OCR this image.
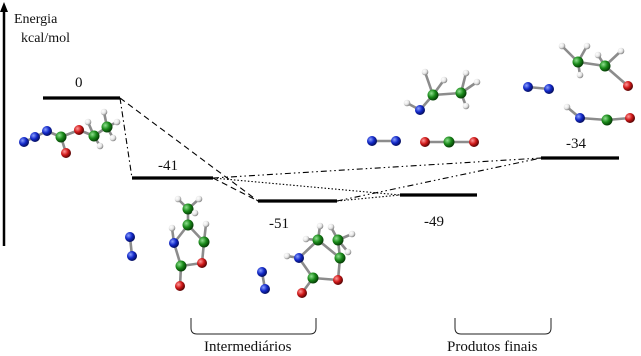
Energia
kcal/mol
0
-41
-51	-49
-34
Intermediários	Produtos finais
